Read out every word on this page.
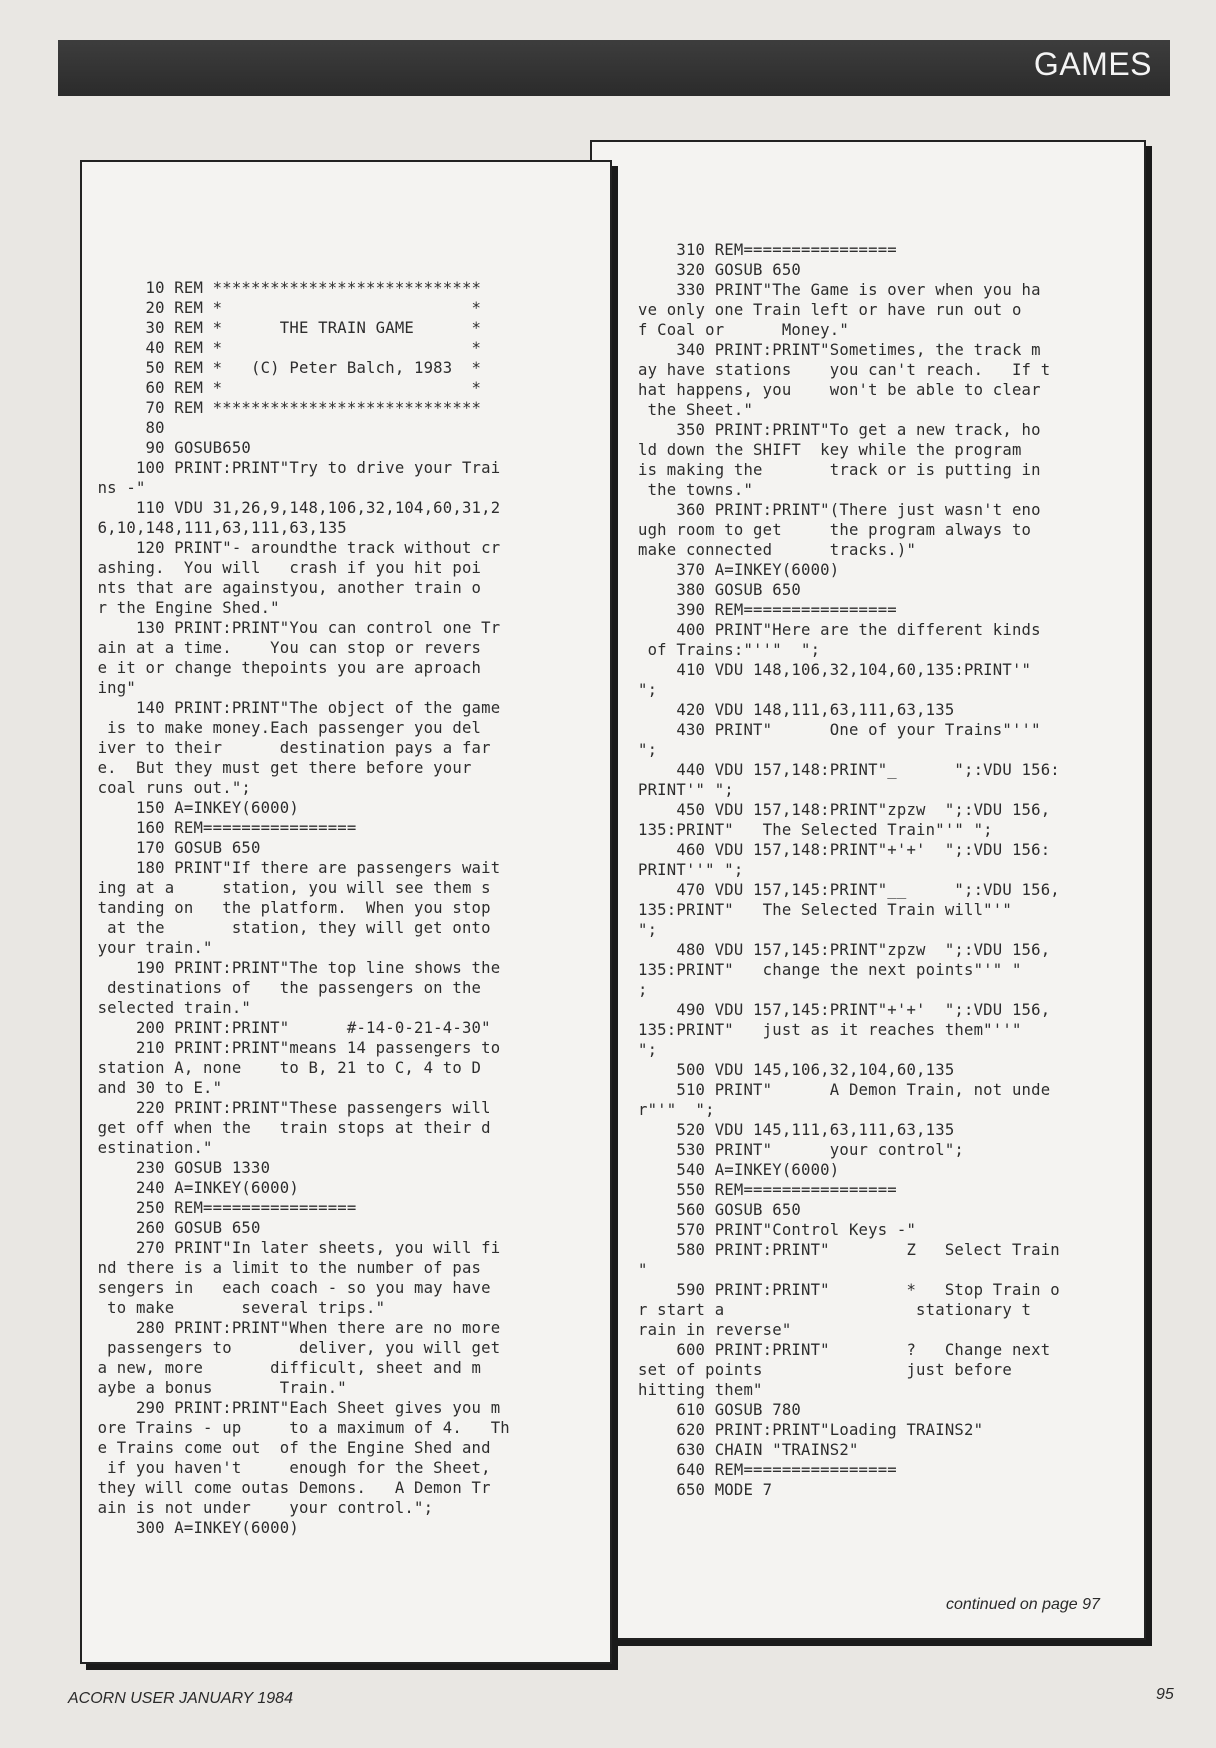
GAMES
10 REM ****************************
20 REM *                          *
30 REM *      THE TRAIN GAME      *
40 REM *                          *
50 REM *   (C) Peter Balch, 1983  *
60 REM *                          *
70 REM ****************************
80
90 GOSUB650
100 PRINT:PRINT"Try to drive your Trai
ns -"
110 VDU 31,26,9,148,106,32,104,60,31,2
6,10,148,111,63,111,63,135
120 PRINT"- aroundthe track without cr
ashing.  You will   crash if you hit poi
nts that are againstyou, another train o
r the Engine Shed."
130 PRINT:PRINT"You can control one Tr
ain at a time.    You can stop or revers
e it or change thepoints you are aproach
ing"
140 PRINT:PRINT"The object of the game
is to make money.Each passenger you del
iver to their      destination pays a far
e.  But they must get there before your
coal runs out.";
150 A=INKEY(6000)
160 REM================
170 GOSUB 650
180 PRINT"If there are passengers wait
ing at a     station, you will see them s
tanding on   the platform.  When you stop
at the       station, they will get onto
your train."
190 PRINT:PRINT"The top line shows the
destinations of   the passengers on the
selected train."
200 PRINT:PRINT"      #-14-0-21-4-30"
210 PRINT:PRINT"means 14 passengers to
station A, none    to B, 21 to C, 4 to D
and 30 to E."
220 PRINT:PRINT"These passengers will
get off when the   train stops at their d
estination."
230 GOSUB 1330
240 A=INKEY(6000)
250 REM================
260 GOSUB 650
270 PRINT"In later sheets, you will fi
nd there is a limit to the number of pas
sengers in   each coach - so you may have
to make       several trips."
280 PRINT:PRINT"When there are no more
passengers to       deliver, you will get
a new, more       difficult, sheet and m
aybe a bonus       Train."
290 PRINT:PRINT"Each Sheet gives you m
ore Trains - up     to a maximum of 4.   Th
e Trains come out  of the Engine Shed and
if you haven't     enough for the Sheet,
they will come outas Demons.   A Demon Tr
ain is not under    your control.";
300 A=INKEY(6000)
310 REM================
320 GOSUB 650
330 PRINT"The Game is over when you ha
ve only one Train left or have run out o
f Coal or      Money."
340 PRINT:PRINT"Sometimes, the track m
ay have stations    you can't reach.   If t
hat happens, you    won't be able to clear
the Sheet."
350 PRINT:PRINT"To get a new track, ho
ld down the SHIFT  key while the program
is making the       track or is putting in
the towns."
360 PRINT:PRINT"(There just wasn't eno
ugh room to get     the program always to
make connected      tracks.)"
370 A=INKEY(6000)
380 GOSUB 650
390 REM================
400 PRINT"Here are the different kinds
of Trains:"''"  ";
410 VDU 148,106,32,104,60,135:PRINT'"
";
420 VDU 148,111,63,111,63,135
430 PRINT"      One of your Trains"''"
";
440 VDU 157,148:PRINT"_      ";:VDU 156:
PRINT'" ";
450 VDU 157,148:PRINT"zpzw  ";:VDU 156,
135:PRINT"   The Selected Train"'" ";
460 VDU 157,148:PRINT"+'+'  ";:VDU 156:
PRINT''" ";
470 VDU 157,145:PRINT"__     ";:VDU 156,
135:PRINT"   The Selected Train will"'"
";
480 VDU 157,145:PRINT"zpzw  ";:VDU 156,
135:PRINT"   change the next points"'" "
;
490 VDU 157,145:PRINT"+'+'  ";:VDU 156,
135:PRINT"   just as it reaches them"''"
";
500 VDU 145,106,32,104,60,135
510 PRINT"      A Demon Train, not unde
r"'"  ";
520 VDU 145,111,63,111,63,135
530 PRINT"      your control";
540 A=INKEY(6000)
550 REM================
560 GOSUB 650
570 PRINT"Control Keys -"
580 PRINT:PRINT"        Z   Select Train
"
590 PRINT:PRINT"        *   Stop Train o
r start a                    stationary t
rain in reverse"
600 PRINT:PRINT"        ?   Change next
set of points               just before
hitting them"
610 GOSUB 780
620 PRINT:PRINT"Loading TRAINS2"
630 CHAIN "TRAINS2"
640 REM================
650 MODE 7
continued on page 97
ACORN USER JANUARY 1984	95
